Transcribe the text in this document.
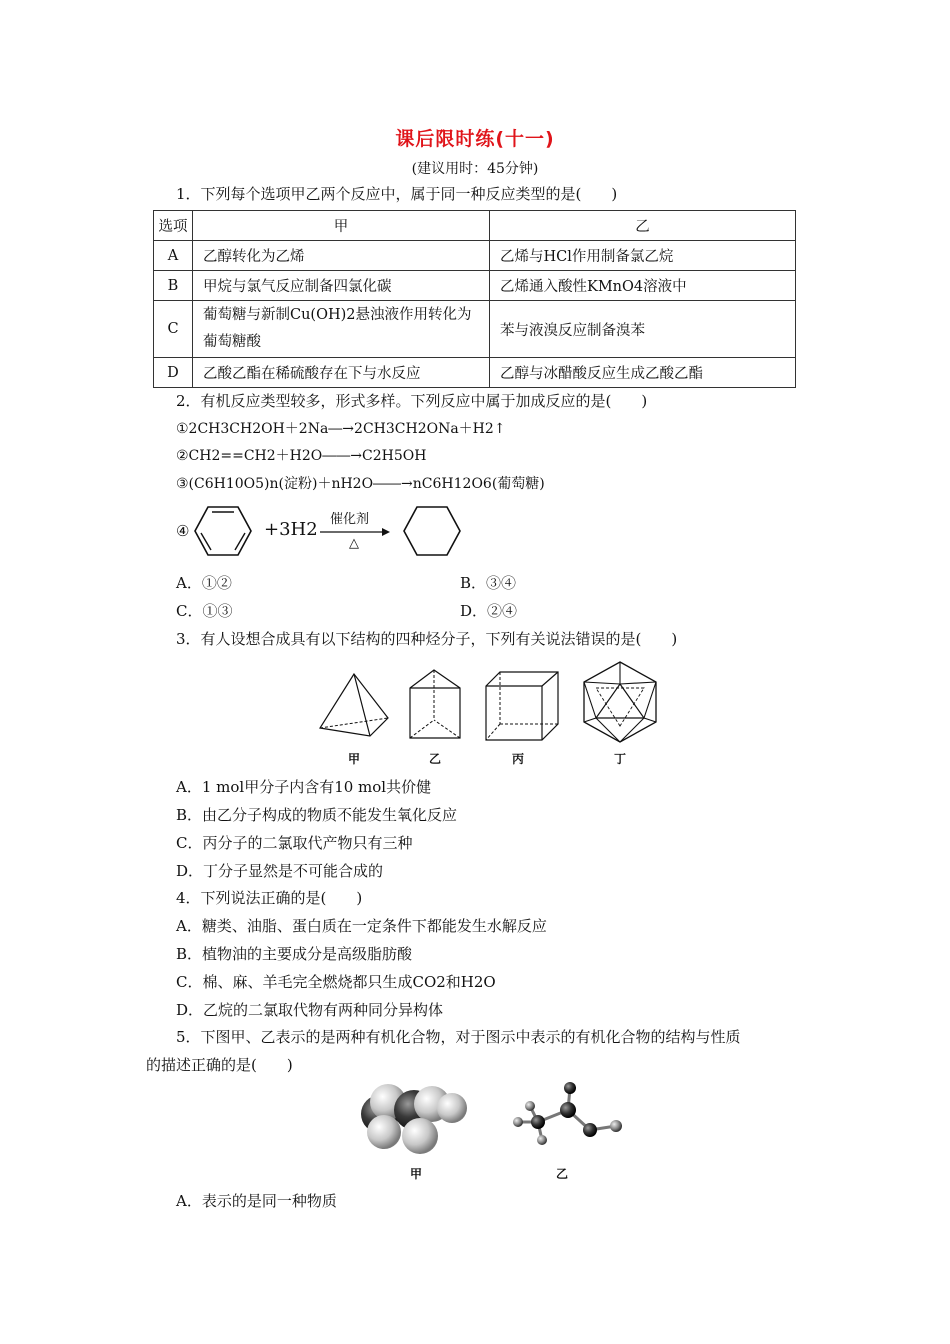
课后限时练(十一)
(建议用时：45分钟)
1．下列每个选项甲乙两个反应中，属于同一种反应类型的是(　　)
选项	甲	乙
A	乙醇转化为乙烯	乙烯与HCl作用制备氯乙烷
B	甲烷与氯气反应制备四氯化碳	乙烯通入酸性KMnO4溶液中
C	葡萄糖与新制Cu(OH)2悬浊液作用转化为葡萄糖酸	苯与液溴反应制备溴苯
D	乙酸乙酯在稀硫酸存在下与水反应	乙醇与冰醋酸反应生成乙酸乙酯
2．有机反应类型较多，形式多样。下列反应中属于加成反应的是(　　)
①2CH3CH2OH＋2Na―→2CH3CH2ONa＋H2↑
②CH2==CH2＋H2O――→C2H5OH
③(C6H10O5)n(淀粉)＋nH2O――→nC6H12O6(葡萄糖)
④	+3H2 催化剂
△
A．①②	B．③④
C．①③	D．②④
3．有人设想合成具有以下结构的四种烃分子，下列有关说法错误的是(　　)
甲	乙	丙	丁
A．1 mol甲分子内含有10 mol共价健
B．由乙分子构成的物质不能发生氧化反应
C．丙分子的二氯取代产物只有三种
D．丁分子显然是不可能合成的
4．下列说法正确的是(　　)
A．糖类、油脂、蛋白质在一定条件下都能发生水解反应
B．植物油的主要成分是高级脂肪酸
C．棉、麻、羊毛完全燃烧都只生成CO2和H2O
D．乙烷的二氯取代物有两种同分异构体
5．下图甲、乙表示的是两种有机化合物，对于图示中表示的有机化合物的结构与性质
的描述正确的是(　　)
甲	乙
A．表示的是同一种物质
